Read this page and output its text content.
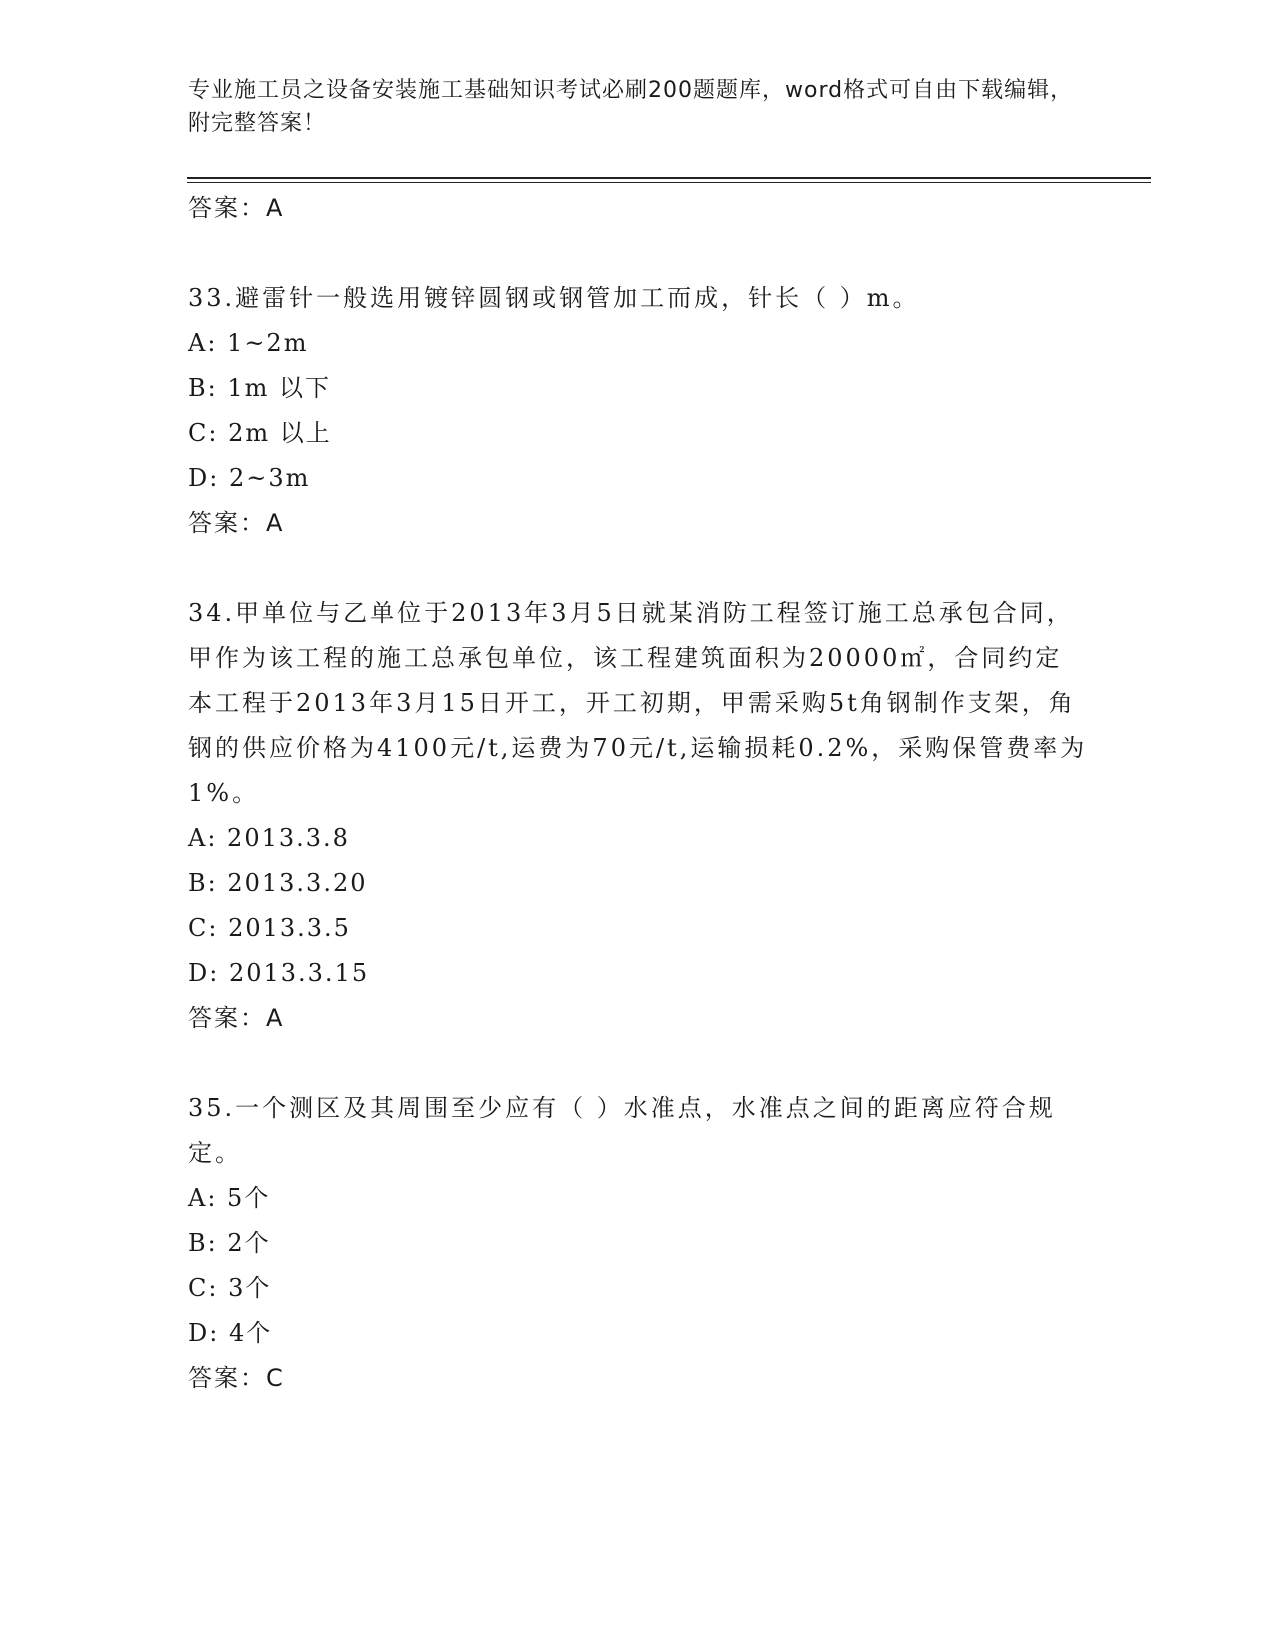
专业施工员之设备安装施工基础知识考试必刷200题题库，word格式可自由下载编辑，附完整答案！
答案：A
33.避雷针一般选用镀锌圆钢或钢管加工而成，针长（ ）m。
A: 1~2m
B: 1m 以下
C: 2m 以上
D: 2~3m
答案：A
34.甲单位与乙单位于2013年3月5日就某消防工程签订施工总承包合同，甲作为该工程的施工总承包单位，该工程建筑面积为20000㎡，合同约定本工程于2013年3月15日开工，开工初期，甲需采购5t角钢制作支架，角钢的供应价格为4100元/t,运费为70元/t,运输损耗0.2%，采购保管费率为1%。
A: 2013.3.8
B: 2013.3.20
C: 2013.3.5
D: 2013.3.15
答案：A
35.一个测区及其周围至少应有（ ）水准点，水准点之间的距离应符合规定。
A: 5个
B: 2个
C: 3个
D: 4个
答案：C
